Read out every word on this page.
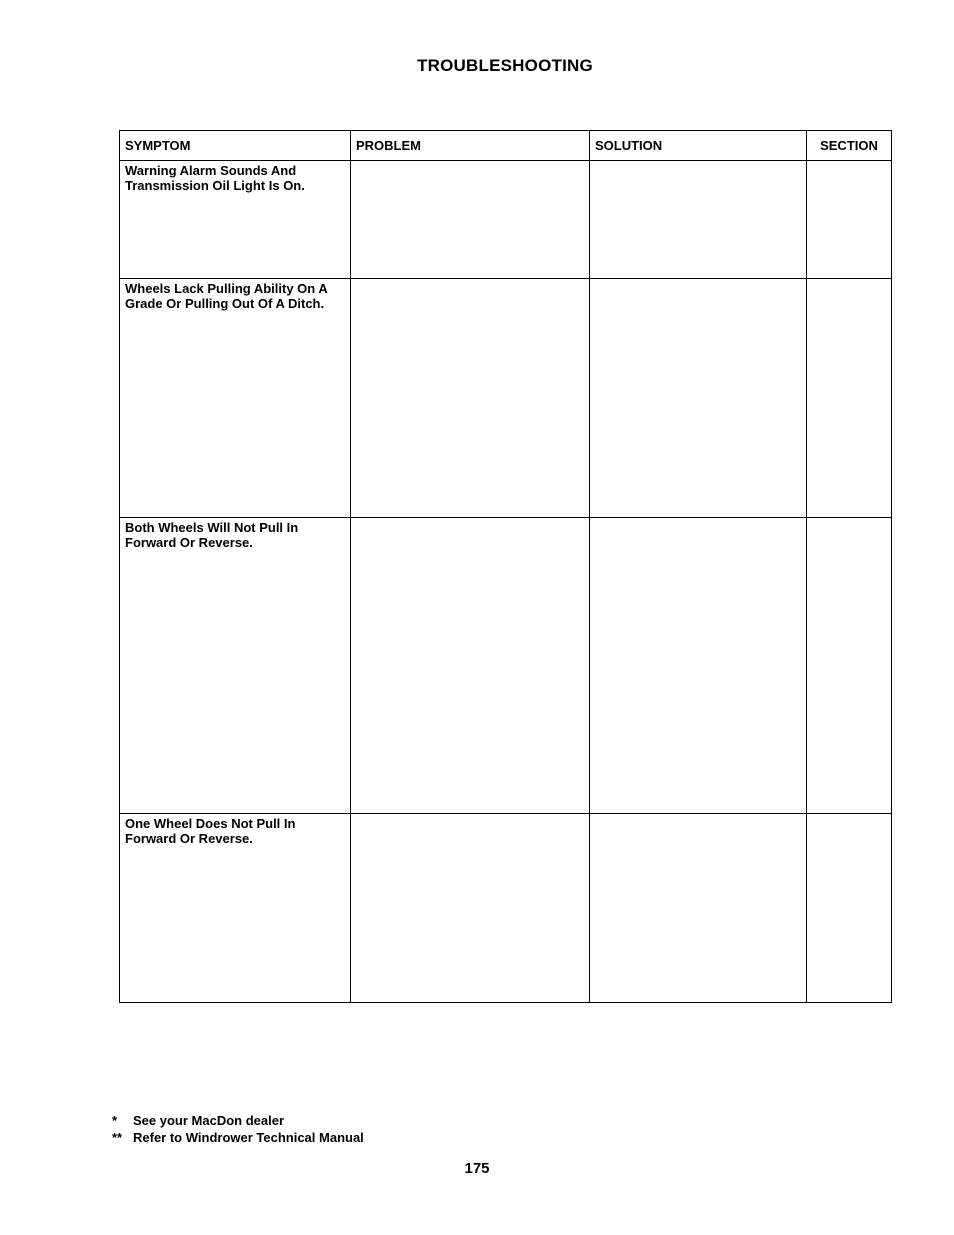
TROUBLESHOOTING
SYMPTOM	PROBLEM	SOLUTION	SECTION
Warning Alarm Sounds And Transmission Oil Light Is On.			
Wheels Lack Pulling Ability On A Grade Or Pulling Out Of A Ditch.			
Both Wheels Will Not Pull In Forward Or Reverse.			
One Wheel Does Not Pull In Forward Or Reverse.			
* See your MacDon dealer
** Refer to Windrower Technical Manual
175
